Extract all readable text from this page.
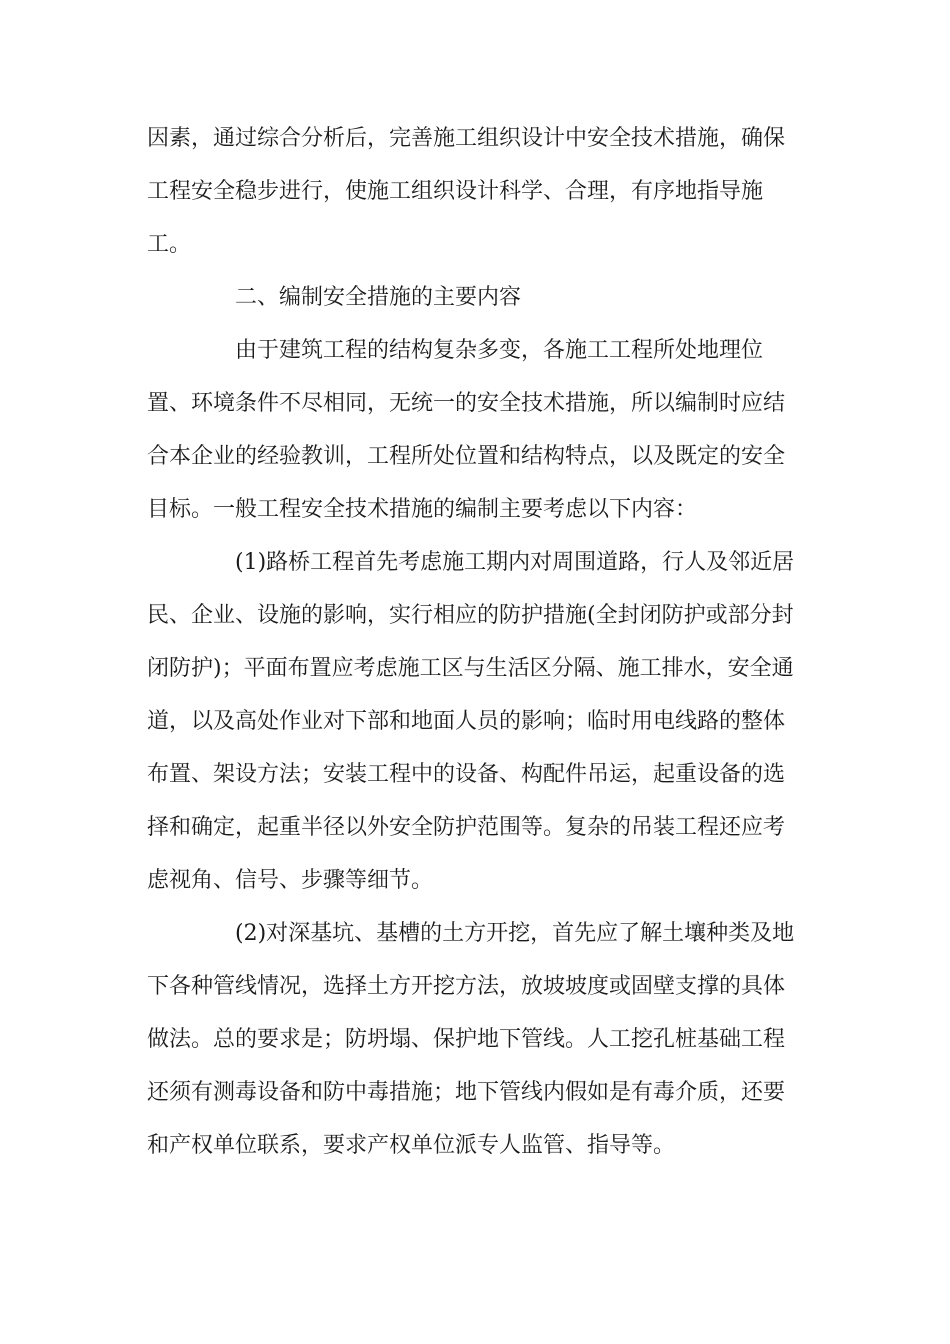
因素，通过综合分析后，完善施工组织设计中安全技术措施，确保
工程安全稳步进行，使施工组织设计科学、合理，有序地指导施
工。
二、编制安全措施的主要内容
由于建筑工程的结构复杂多变，各施工工程所处地理位
置、环境条件不尽相同，无统一的安全技术措施，所以编制时应结
合本企业的经验教训，工程所处位置和结构特点，以及既定的安全
目标。一般工程安全技术措施的编制主要考虑以下内容：
(1)路桥工程首先考虑施工期内对周围道路，行人及邻近居
民、企业、设施的影响，实行相应的防护措施(全封闭防护或部分封
闭防护)；平面布置应考虑施工区与生活区分隔、施工排水，安全通
道，以及高处作业对下部和地面人员的影响；临时用电线路的整体
布置、架设方法；安装工程中的设备、构配件吊运，起重设备的选
择和确定，起重半径以外安全防护范围等。复杂的吊装工程还应考
虑视角、信号、步骤等细节。
(2)对深基坑、基槽的土方开挖，首先应了解土壤种类及地
下各种管线情况，选择土方开挖方法，放坡坡度或固壁支撑的具体
做法。总的要求是；防坍塌、保护地下管线。人工挖孔桩基础工程
还须有测毒设备和防中毒措施；地下管线内假如是有毒介质，还要
和产权单位联系，要求产权单位派专人监管、指导等。
